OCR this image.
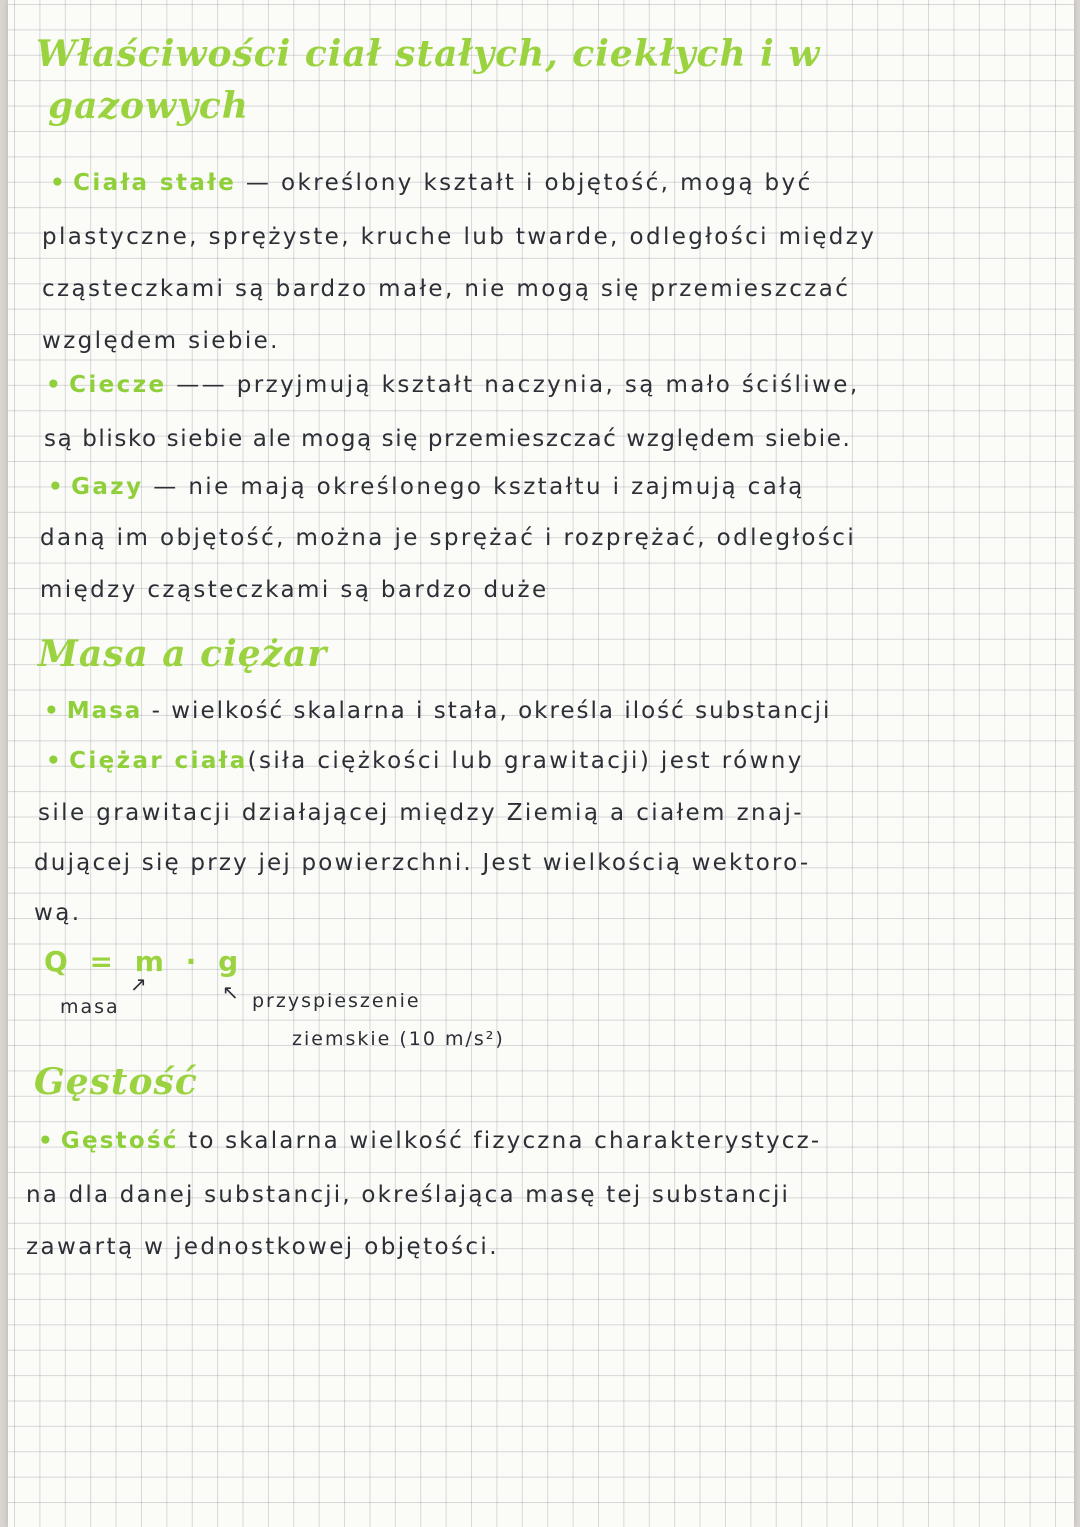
Właściwości ciał stałych, ciekłych i w
gazowych
• Ciała stałe — określony kształt i objętość, mogą być
plastyczne, sprężyste, kruche lub twarde, odległości między
cząsteczkami są bardzo małe, nie mogą się przemieszczać
względem siebie.
• Ciecze —— przyjmują kształt naczynia, są mało ściśliwe,
są blisko siebie ale mogą się przemieszczać względem siebie.
• Gazy — nie mają określonego kształtu i zajmują całą
daną im objętość, można je sprężać i rozprężać, odległości
między cząsteczkami są bardzo duże
Masa a ciężar
• Masa - wielkość skalarna i stała, określa ilość substancji
• Ciężar ciała(siła ciężkości lub grawitacji) jest równy
sile grawitacji działającej między Ziemią a ciałem znaj-
dującej się przy jej powierzchni. Jest wielkością wektoro-
wą.
Q = m · g
↗	↖
masa	przyspieszenie
ziemskie (10 m/s²)
Gęstość
• Gęstość to skalarna wielkość fizyczna charakterystycz-
na dla danej substancji, określająca masę tej substancji
zawartą w jednostkowej objętości.
